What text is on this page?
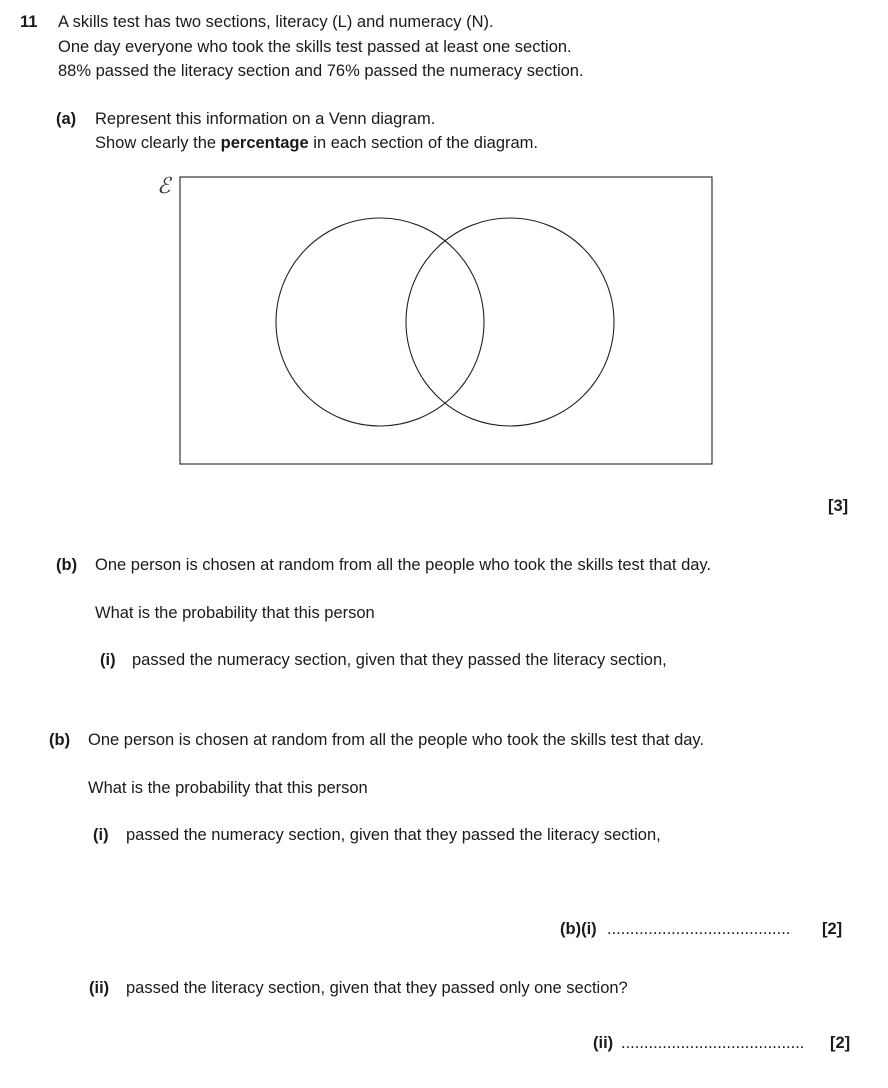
11 A skills test has two sections, literacy (L) and numeracy (N).
One day everyone who took the skills test passed at least one section.
88% passed the literacy section and 76% passed the numeracy section.
(a) Represent this information on a Venn diagram.
Show clearly the percentage in each section of the diagram.
ℰ
[3]
(b) One person is chosen at random from all the people who took the skills test that day.
What is the probability that this person
(i) passed the numeracy section, given that they passed the literacy section,
(b) One person is chosen at random from all the people who took the skills test that day.
What is the probability that this person
(i) passed the numeracy section, given that they passed the literacy section,
(b)(i) ........................................ [2]
(ii) passed the literacy section, given that they passed only one section?
(ii) ........................................ [2]
